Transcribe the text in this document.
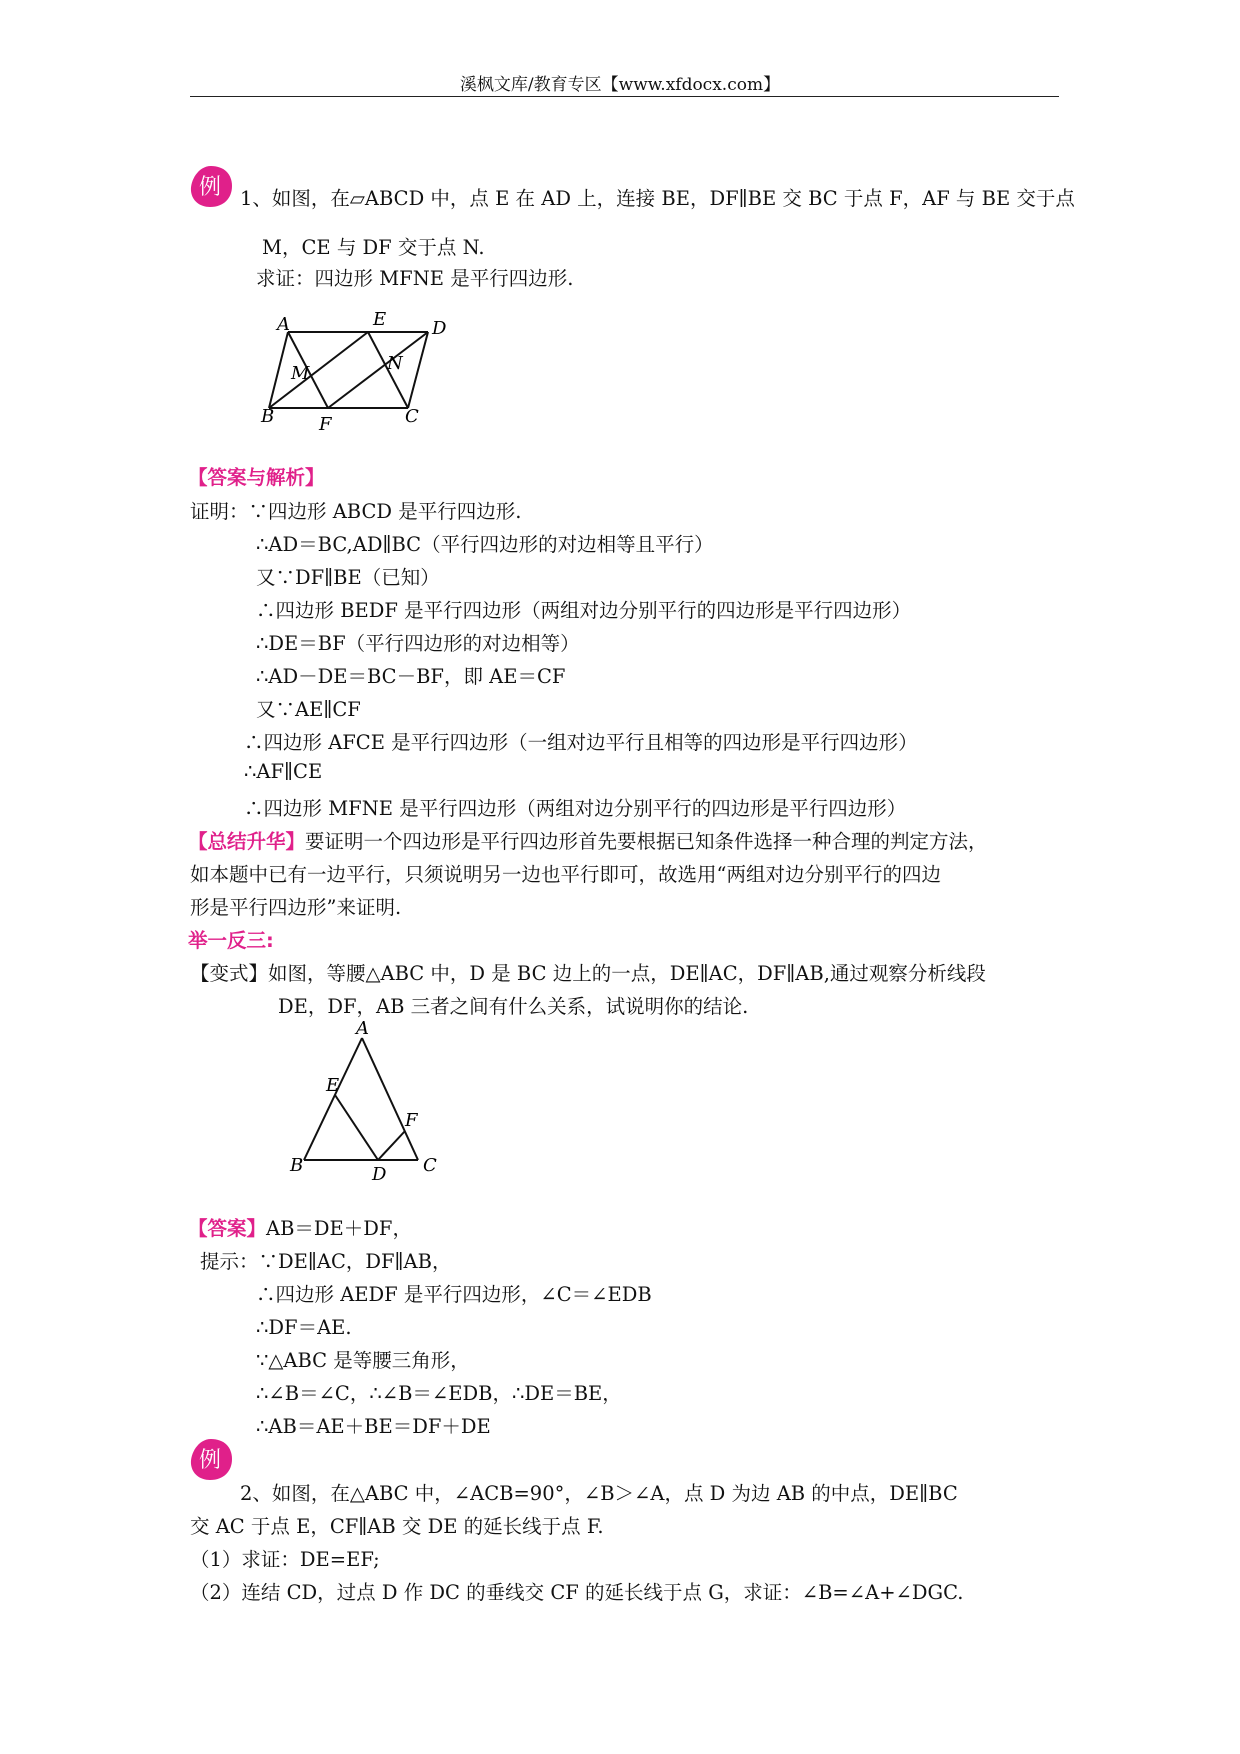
溪枫文库/教育专区【www.xfdocx.com】
例 1、如图，在▱ABCD 中，点 E 在 AD 上，连接 BE，DF∥BE 交 BC 于点 F，AF 与 BE 交于点
M，CE 与 DF 交于点 N.
求证：四边形 MFNE 是平行四边形.
A	E	D
M	N
B F	C
【答案与解析】
证明：∵四边形 ABCD 是平行四边形.
∴AD＝BC,AD∥BC（平行四边形的对边相等且平行）
又∵DF∥BE（已知）
∴四边形 BEDF 是平行四边形（两组对边分别平行的四边形是平行四边形）
∴DE＝BF（平行四边形的对边相等）
∴AD－DE＝BC－BF，即 AE＝CF
又∵AE∥CF
∴四边形 AFCE 是平行四边形（一组对边平行且相等的四边形是平行四边形）
∴AF∥CE
∴四边形 MFNE 是平行四边形（两组对边分别平行的四边形是平行四边形）
【总结升华】要证明一个四边形是平行四边形首先要根据已知条件选择一种合理的判定方法，
如本题中已有一边平行，只须说明另一边也平行即可，故选用“两组对边分别平行的四边
形是平行四边形”来证明.
举一反三:
【变式】如图，等腰△ABC 中，D 是 BC 边上的一点，DE∥AC，DF∥AB,通过观察分析线段
DE，DF，AB 三者之间有什么关系，试说明你的结论.
A
E
F
B	D C
【答案】AB＝DE＋DF，
提示：∵DE∥AC，DF∥AB，
∴四边形 AEDF 是平行四边形，∠C＝∠EDB
∴DF＝AE.
∵△ABC 是等腰三角形，
∴∠B＝∠C，∴∠B＝∠EDB，∴DE＝BE，
∴AB＝AE＋BE＝DF＋DE
例
2、如图，在△ABC 中，∠ACB=90°，∠B＞∠A，点 D 为边 AB 的中点，DE∥BC
交 AC 于点 E，CF∥AB 交 DE 的延长线于点 F.
（1）求证：DE=EF;
（2）连结 CD，过点 D 作 DC 的垂线交 CF 的延长线于点 G，求证：∠B=∠A+∠DGC.
